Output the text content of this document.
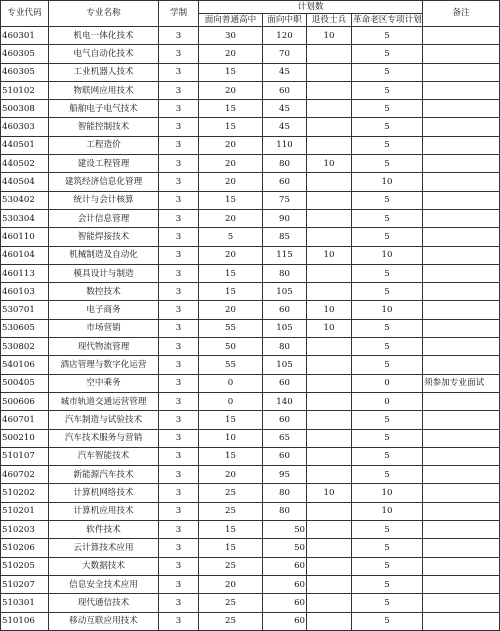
专业代码	专业名称	学制	计划数				备注
			面向普通高中	面向中职	退役士兵	革命老区专项计划	
460301	机电一体化技术	3	30	120	10	5	
460305	电气自动化技术	3	20	70		5	
460305	工业机器人技术	3	15	45		5	
510102	物联网应用技术	3	20	60		5	
500308	船舶电子电气技术	3	15	45		5	
460303	智能控制技术	3	15	45		5	
440501	工程造价	3	20	110		5	
440502	建设工程管理	3	20	80	10	5	
440504	建筑经济信息化管理	3	20	60		10	
530402	统计与会计核算	3	15	75		5	
530304	会计信息管理	3	20	90		5	
460110	智能焊接技术	3	5	85		5	
460104	机械制造及自动化	3	20	115	10	10	
460113	模具设计与制造	3	15	80		5	
460103	数控技术	3	15	105		5	
530701	电子商务	3	20	60	10	10	
530605	市场营销	3	55	105	10	5	
530802	现代物流管理	3	50	80		5	
540106	酒店管理与数字化运营	3	55	105		5	
500405	空中乘务	3	0	60		0	须参加专业面试
500606	城市轨道交通运营管理	3	0	140		0	
460701	汽车制造与试验技术	3	15	60		5	
500210	汽车技术服务与营销	3	10	65		5	
510107	汽车智能技术	3	15	60		5	
460702	新能源汽车技术	3	20	95		5	
510202	计算机网络技术	3	25	80	10	10	
510201	计算机应用技术	3	25	80		10	
510203	软件技术	3	15	50		5	
510206	云计算技术应用	3	15	50		5	
510205	大数据技术	3	25	60		5	
510207	信息安全技术应用	3	20	60		5	
510301	现代通信技术	3	25	60		5	
510106	移动互联应用技术	3	25	60		5	
